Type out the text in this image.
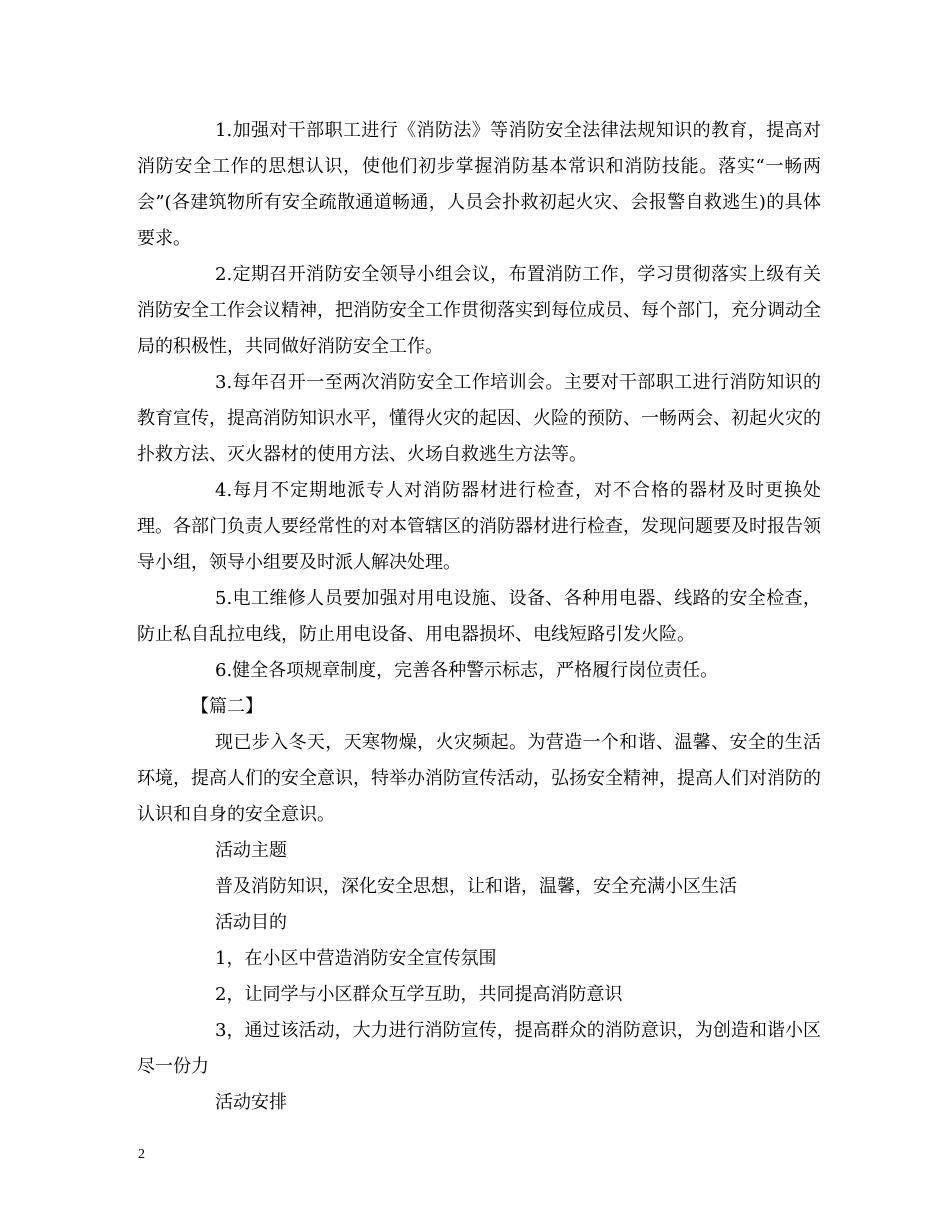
1.加强对干部职工进行《消防法》等消防安全法律法规知识的教育，提高对消防安全工作的思想认识，使他们初步掌握消防基本常识和消防技能。落实“一畅两会”(各建筑物所有安全疏散通道畅通，人员会扑救初起火灾、会报警自救逃生)的具体要求。

2.定期召开消防安全领导小组会议，布置消防工作，学习贯彻落实上级有关消防安全工作会议精神，把消防安全工作贯彻落实到每位成员、每个部门，充分调动全局的积极性，共同做好消防安全工作。

3.每年召开一至两次消防安全工作培训会。主要对干部职工进行消防知识的教育宣传，提高消防知识水平，懂得火灾的起因、火险的预防、一畅两会、初起火灾的扑救方法、灭火器材的使用方法、火场自救逃生方法等。

4.每月不定期地派专人对消防器材进行检查，对不合格的器材及时更换处理。各部门负责人要经常性的对本管辖区的消防器材进行检查，发现问题要及时报告领导小组，领导小组要及时派人解决处理。

5.电工维修人员要加强对用电设施、设备、各种用电器、线路的安全检查，防止私自乱拉电线，防止用电设备、用电器损坏、电线短路引发火险。

6.健全各项规章制度，完善各种警示标志，严格履行岗位责任。

【篇二】

现已步入冬天，天寒物燥，火灾频起。为营造一个和谐、温馨、安全的生活环境，提高人们的安全意识，特举办消防宣传活动，弘扬安全精神，提高人们对消防的认识和自身的安全意识。

活动主题

普及消防知识，深化安全思想，让和谐，温馨，安全充满小区生活

活动目的

1，在小区中营造消防安全宣传氛围

2，让同学与小区群众互学互助，共同提高消防意识

3，通过该活动，大力进行消防宣传，提高群众的消防意识，为创造和谐小区尽一份力

活动安排

2
